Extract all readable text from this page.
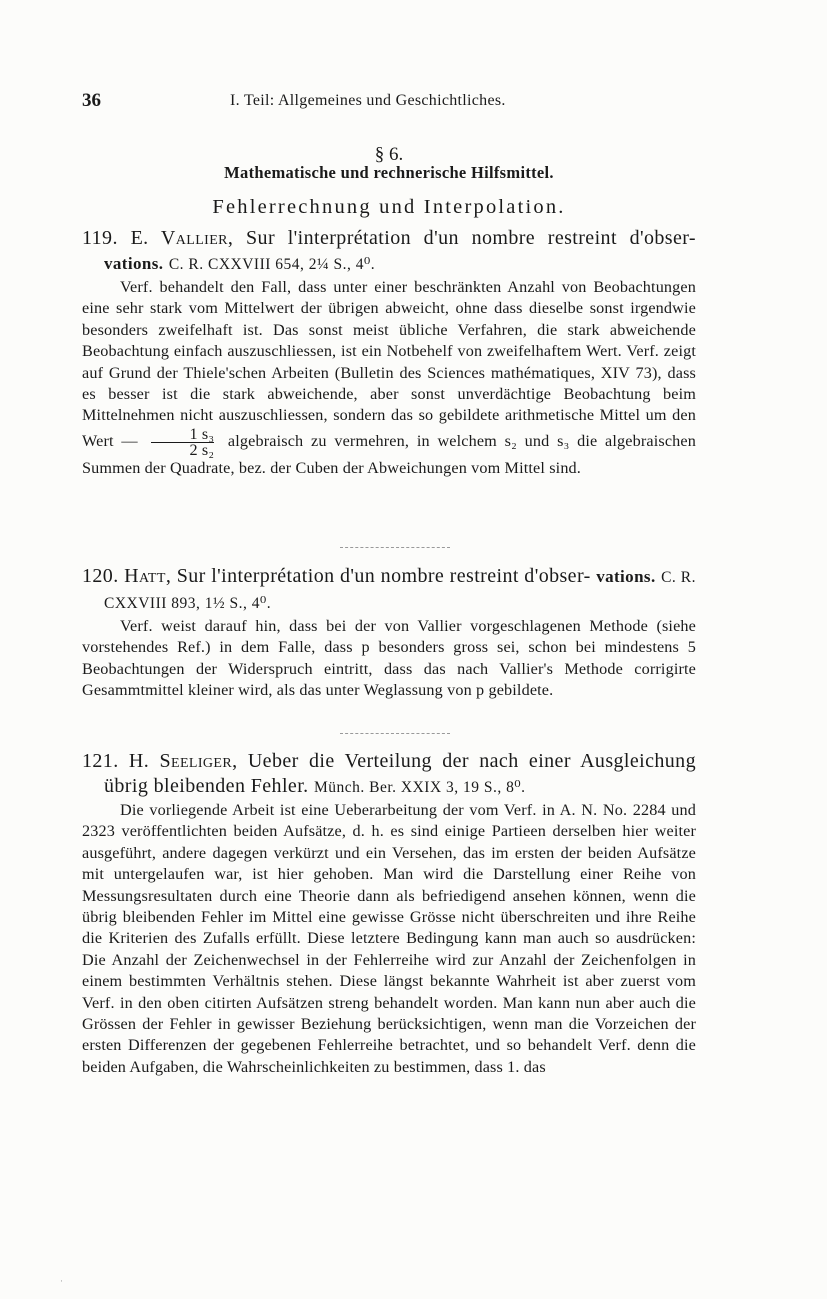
36	I. Teil: Allgemeines und Geschichtliches.
§ 6.
Mathematische und rechnerische Hilfsmittel.
Fehlerrechnung und Interpolation.
119. E. Vallier, Sur l'interprétation d'un nombre restreint d'obser- vations. C. R. CXXVIII 654, 2¼ S., 4⁰.

Verf. behandelt den Fall, dass unter einer beschränkten Anzahl von Beobachtungen eine sehr stark vom Mittelwert der übrigen abweicht, ohne dass dieselbe sonst irgendwie besonders zweifelhaft ist. Das sonst meist übliche Verfahren, die stark abweichende Beobachtung einfach auszuschliessen, ist ein Notbehelf von zweifelhaftem Wert. Verf. zeigt auf Grund der Thiele'schen Arbeiten (Bulletin des Sciences mathématiques, XIV 73), dass es besser ist die stark abweichende, aber sonst unverdächtige Beobachtung beim Mittelnehmen nicht auszuschliessen, sondern das so gebildete arithmetische Mittel um den Wert — $\frac{\text{1 s₃}}{\text{2 s₂}}$ algebraisch zu vermehren, in welchem s₂ und s₃ die algebraischen Summen der Quadrate, bez. der Cuben der Abweichungen vom Mittel sind.

120. Hatt, Sur l'interprétation d'un nombre restreint d'obser- vations. C. R. CXXVIII 893, 1½ S., 4⁰.

Verf. weist darauf hin, dass bei der von Vallier vorgeschlagenen Methode (siehe vorstehendes Ref.) in dem Falle, dass p besonders gross sei, schon bei mindestens 5 Beobachtungen der Widerspruch eintritt, dass das nach Vallier's Methode corrigirte Gesammtmittel kleiner wird, als das unter Weglassung von p gebildete.

121. H. Seeliger, Ueber die Verteilung der nach einer Ausgleichung übrig bleibenden Fehler. Münch. Ber. XXIX 3, 19 S., 8⁰.

Die vorliegende Arbeit ist eine Ueberarbeitung der vom Verf. in A. N. No. 2284 und 2323 veröffentlichten beiden Aufsätze, d. h. es sind einige Partieen derselben hier weiter ausgeführt, andere dagegen verkürzt und ein Versehen, das im ersten der beiden Aufsätze mit untergelaufen war, ist hier gehoben. Man wird die Darstellung einer Reihe von Messungsresultaten durch eine Theorie dann als befriedigend ansehen können, wenn die übrig bleibenden Fehler im Mittel eine gewisse Grösse nicht überschreiten und ihre Reihe die Kriterien des Zufalls erfüllt. Diese letztere Bedingung kann man auch so ausdrücken: Die Anzahl der Zeichenwechsel in der Fehlerreihe wird zur Anzahl der Zeichenfolgen in einem bestimmten Verhältnis stehen. Diese längst bekannte Wahrheit ist aber zuerst vom Verf. in den oben citirten Aufsätzen streng behandelt worden. Man kann nun aber auch die Grössen der Fehler in gewisser Beziehung berücksichtigen, wenn man die Vorzeichen der ersten Differenzen der gegebenen Fehlerreihe betrachtet, und so behandelt Verf. denn die beiden Aufgaben, die Wahrscheinlichkeiten zu bestimmen, dass 1. das

·
